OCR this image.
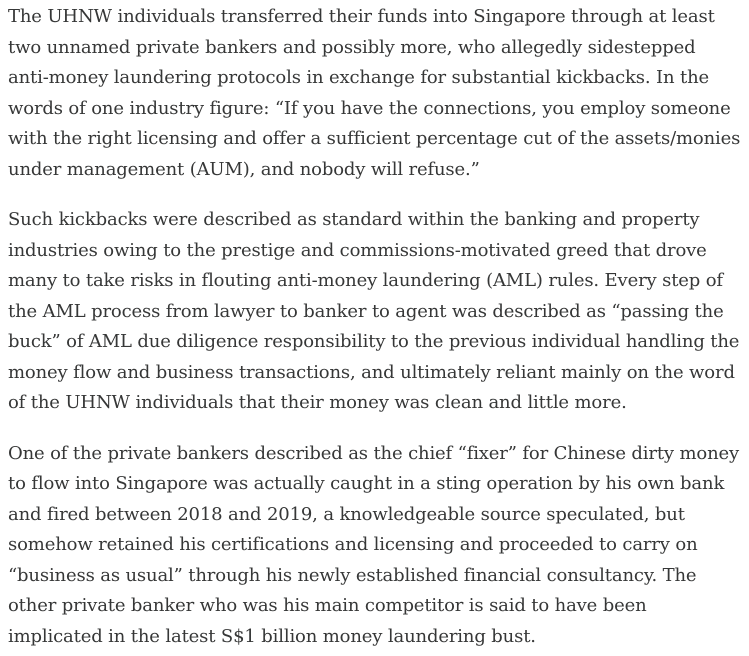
The UHNW individuals transferred their funds into Singapore through at least two unnamed private bankers and possibly more, who allegedly sidestepped anti-money laundering protocols in exchange for substantial kickbacks. In the words of one industry figure: “If you have the connections, you employ someone with the right licensing and offer a sufficient percentage cut of the assets/monies under management (AUM), and nobody will refuse.”

Such kickbacks were described as standard within the banking and property industries owing to the prestige and commissions-motivated greed that drove many to take risks in flouting anti-money laundering (AML) rules. Every step of the AML process from lawyer to banker to agent was described as “passing the buck” of AML due diligence responsibility to the previous individual handling the money flow and business transactions, and ultimately reliant mainly on the word of the UHNW individuals that their money was clean and little more.

One of the private bankers described as the chief “fixer” for Chinese dirty money to flow into Singapore was actually caught in a sting operation by his own bank and fired between 2018 and 2019, a knowledgeable source speculated, but somehow retained his certifications and licensing and proceeded to carry on “business as usual” through his newly established financial consultancy. The other private banker who was his main competitor is said to have been implicated in the latest S$1 billion money laundering bust.
